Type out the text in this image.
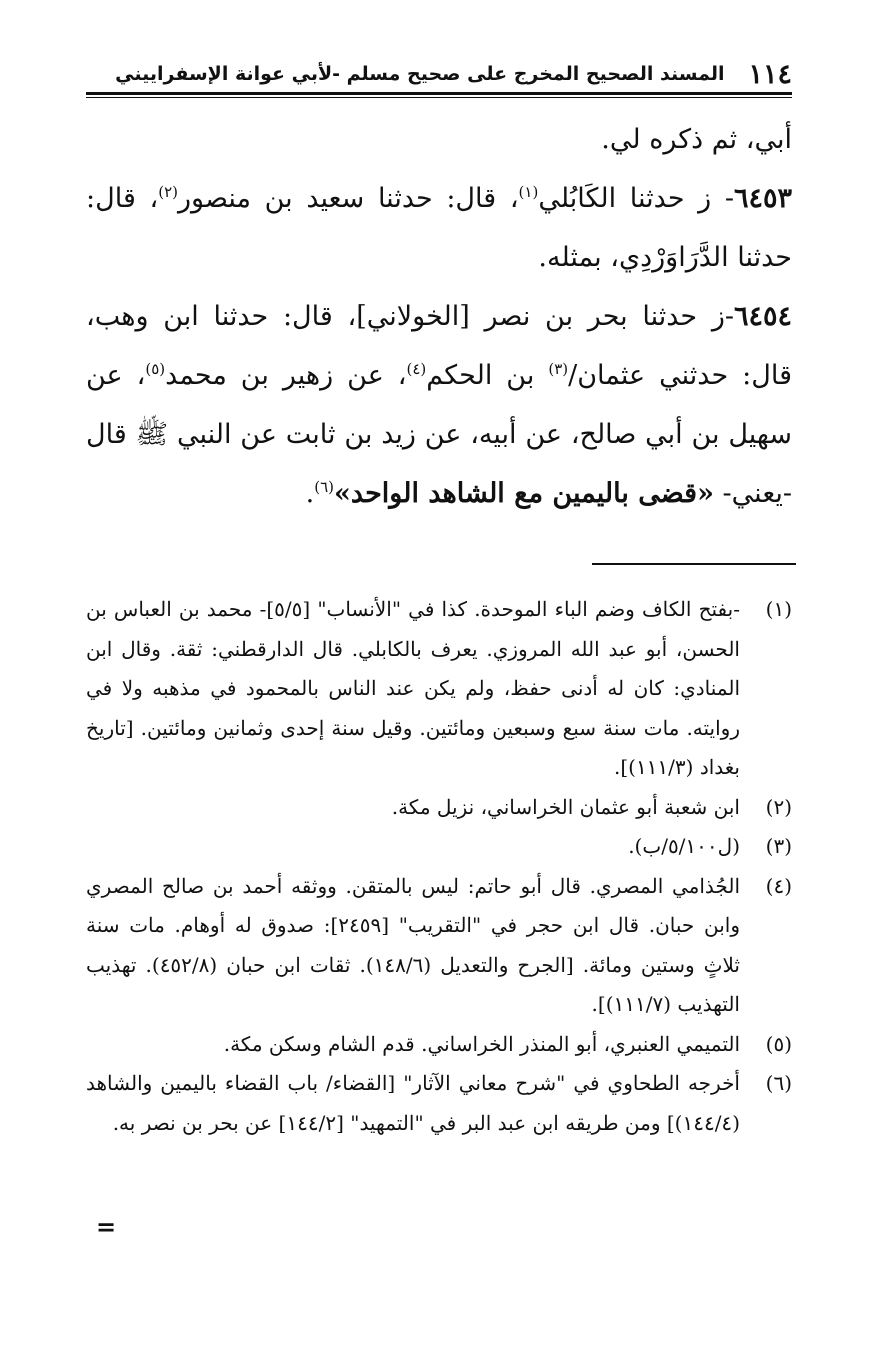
١١٤
المسند الصحيح المخرج على صحيح مسلم -لأبي عوانة الإسفراييني

أبي، ثم ذكره لي.

٦٤٥٣- ز حدثنا الكَابُلي$^{(١)}$، قال: حدثنا سعيد بن منصور$^{(٢)}$، قال: حدثنا الدَّرَاوَرْدِي، بمثله.

٦٤٥٤-ز حدثنا بحر بن نصر [الخولاني]، قال: حدثنا ابن وهب، قال: حدثني عثمان/$^{(٣)}$ بن الحكم$^{(٤)}$، عن زهير بن محمد$^{(٥)}$، عن سهيل بن أبي صالح، عن أبيه، عن زيد بن ثابت عن النبي ﷺ قال -يعني- «قضى باليمين مع الشاهد الواحد»$^{(٦)}$.

(١)
-بفتح الكاف وضم الباء الموحدة. كذا في "الأنساب" [٥/٥]- محمد بن العباس بن الحسن، أبو عبد الله المروزي. يعرف بالكابلي. قال الدارقطني: ثقة. وقال ابن المنادي: كان له أدنى حفظ، ولم يكن عند الناس بالمحمود في مذهبه ولا في روايته. مات سنة سبع وسبعين ومائتين. وقيل سنة إحدى وثمانين ومائتين. [تاريخ بغداد (١١١/٣)].

(٢)
ابن شعبة أبو عثمان الخراساني، نزيل مكة.

(٣)
(ل٥/١٠٠/ب).

(٤)
الجُذامي المصري. قال أبو حاتم: ليس بالمتقن. ووثقه أحمد بن صالح المصري وابن حبان. قال ابن حجر في "التقريب" [٢٤٥٩]: صدوق له أوهام. مات سنة ثلاثٍ وستين ومائة. [الجرح والتعديل (١٤٨/٦). ثقات ابن حبان (٤٥٢/٨). تهذيب التهذيب (١١١/٧)].

(٥)
التميمي العنبري، أبو المنذر الخراساني. قدم الشام وسكن مكة.

(٦)
أخرجه الطحاوي في "شرح معاني الآثار" [القضاء/ باب القضاء باليمين والشاهد (١٤٤/٤)] ومن طريقه ابن عبد البر في "التمهيد" [١٤٤/٢] عن بحر بن نصر به.

=
